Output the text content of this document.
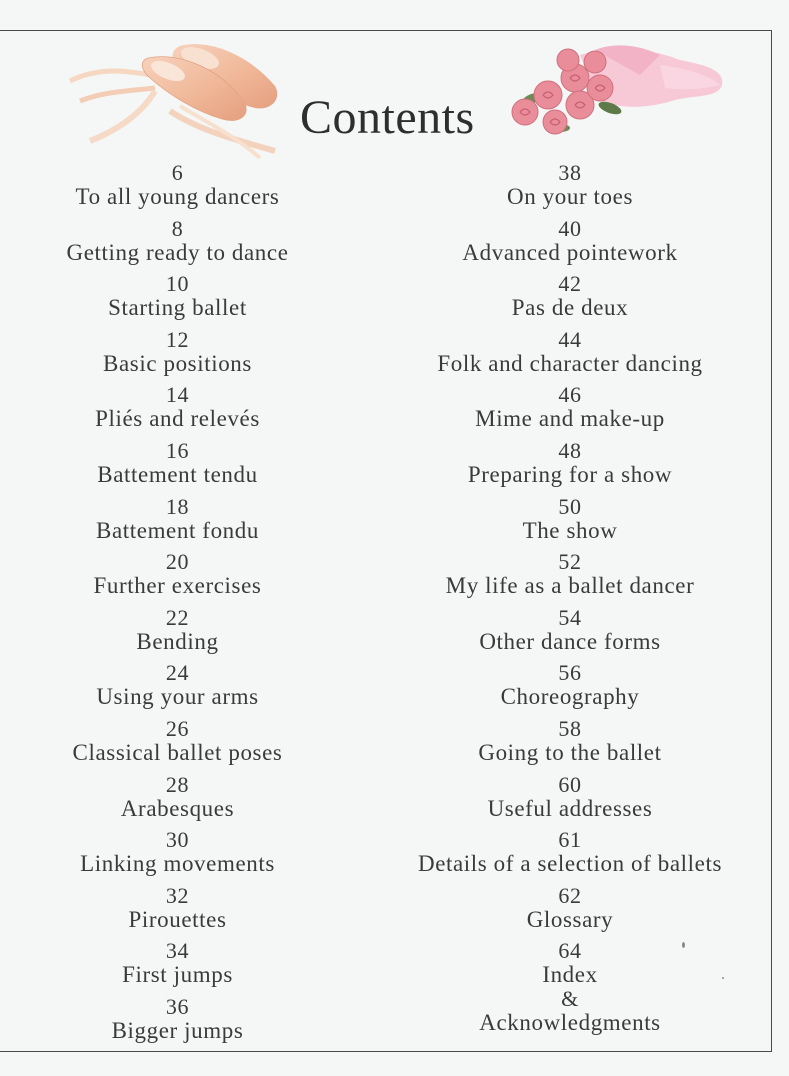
Contents
6
To all young dancers
8
Getting ready to dance
10
Starting ballet
12
Basic positions
14
Pliés and relevés
16
Battement tendu
18
Battement fondu
20
Further exercises
22
Bending
24
Using your arms
26
Classical ballet poses
28
Arabesques
30
Linking movements
32
Pirouettes
34
First jumps
36
Bigger jumps
38
On your toes
40
Advanced pointework
42
Pas de deux
44
Folk and character dancing
46
Mime and make-up
48
Preparing for a show
50
The show
52
My life as a ballet dancer
54
Other dance forms
56
Choreography
58
Going to the ballet
60
Useful addresses
61
Details of a selection of ballets
62
Glossary
64
Index
&
Acknowledgments
